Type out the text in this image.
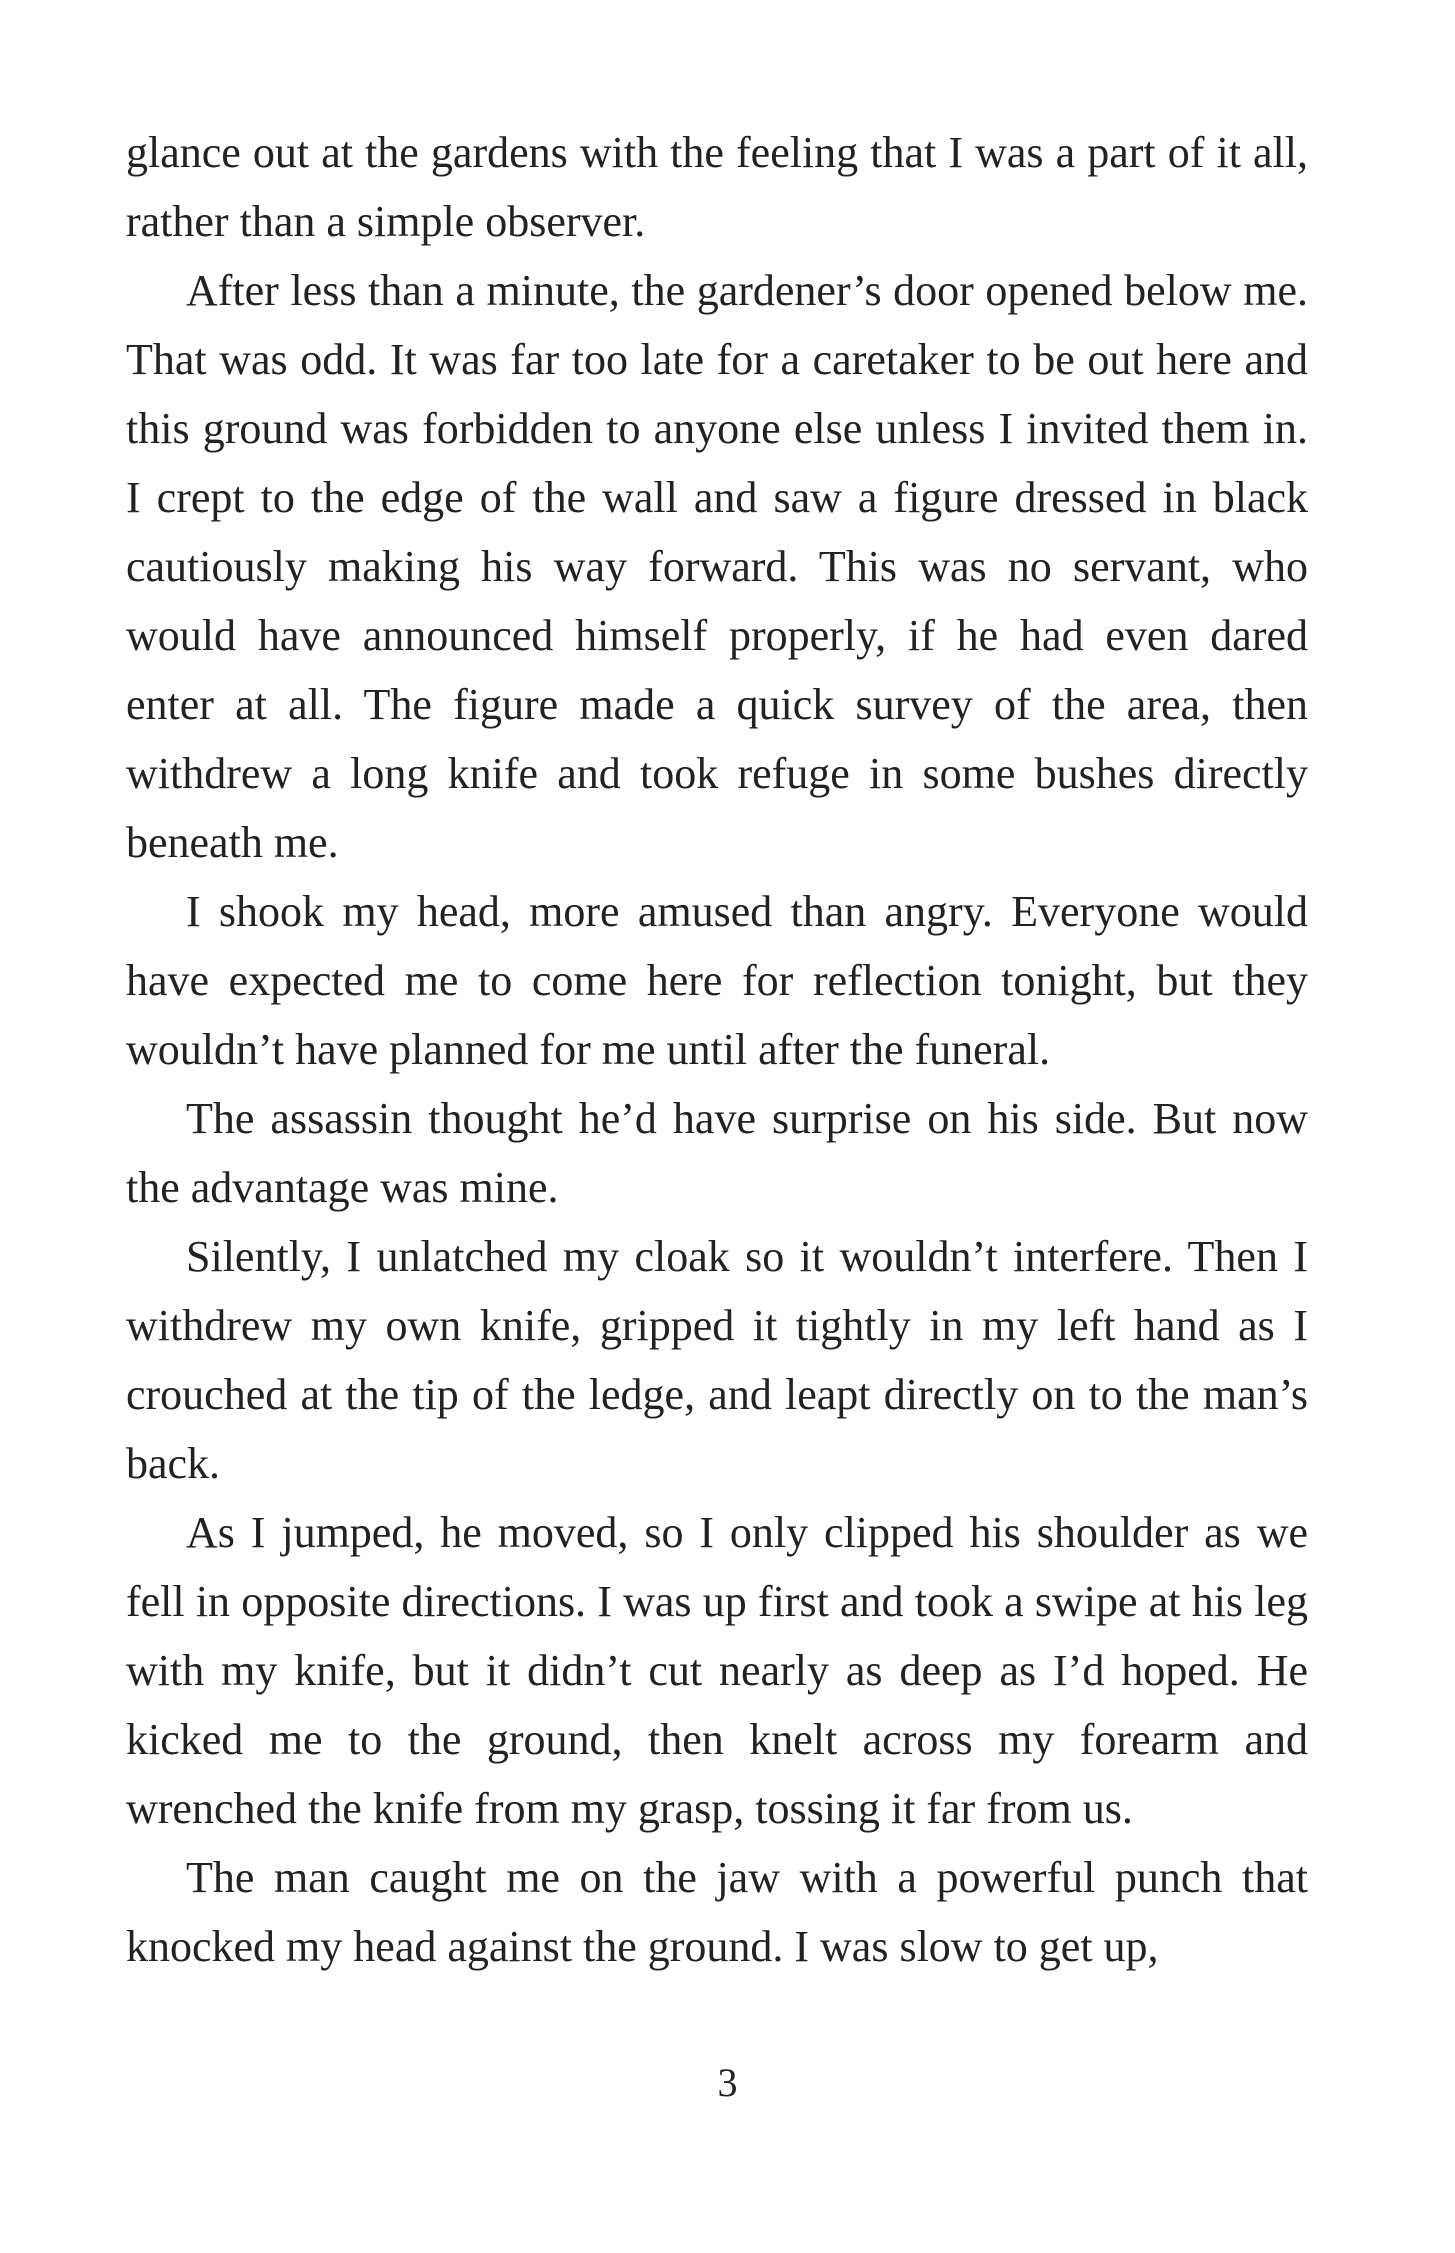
glance out at the gardens with the feeling that I was a part of it all, rather than a simple observer.

After less than a minute, the gardener’s door opened below me. That was odd. It was far too late for a caretaker to be out here and this ground was forbidden to anyone else unless I invited them in. I crept to the edge of the wall and saw a figure dressed in black cautiously making his way forward. This was no servant, who would have announced himself properly, if he had even dared enter at all. The figure made a quick survey of the area, then withdrew a long knife and took refuge in some bushes directly beneath me.

I shook my head, more amused than angry. Everyone would have expected me to come here for reflection tonight, but they wouldn’t have planned for me until after the funeral.

The assassin thought he’d have surprise on his side. But now the advantage was mine.

Silently, I unlatched my cloak so it wouldn’t interfere. Then I withdrew my own knife, gripped it tightly in my left hand as I crouched at the tip of the ledge, and leapt directly on to the man’s back.

As I jumped, he moved, so I only clipped his shoulder as we fell in opposite directions. I was up first and took a swipe at his leg with my knife, but it didn’t cut nearly as deep as I’d hoped. He kicked me to the ground, then knelt across my forearm and wrenched the knife from my grasp, tossing it far from us.

The man caught me on the jaw with a powerful punch that knocked my head against the ground. I was slow to get up,

3
